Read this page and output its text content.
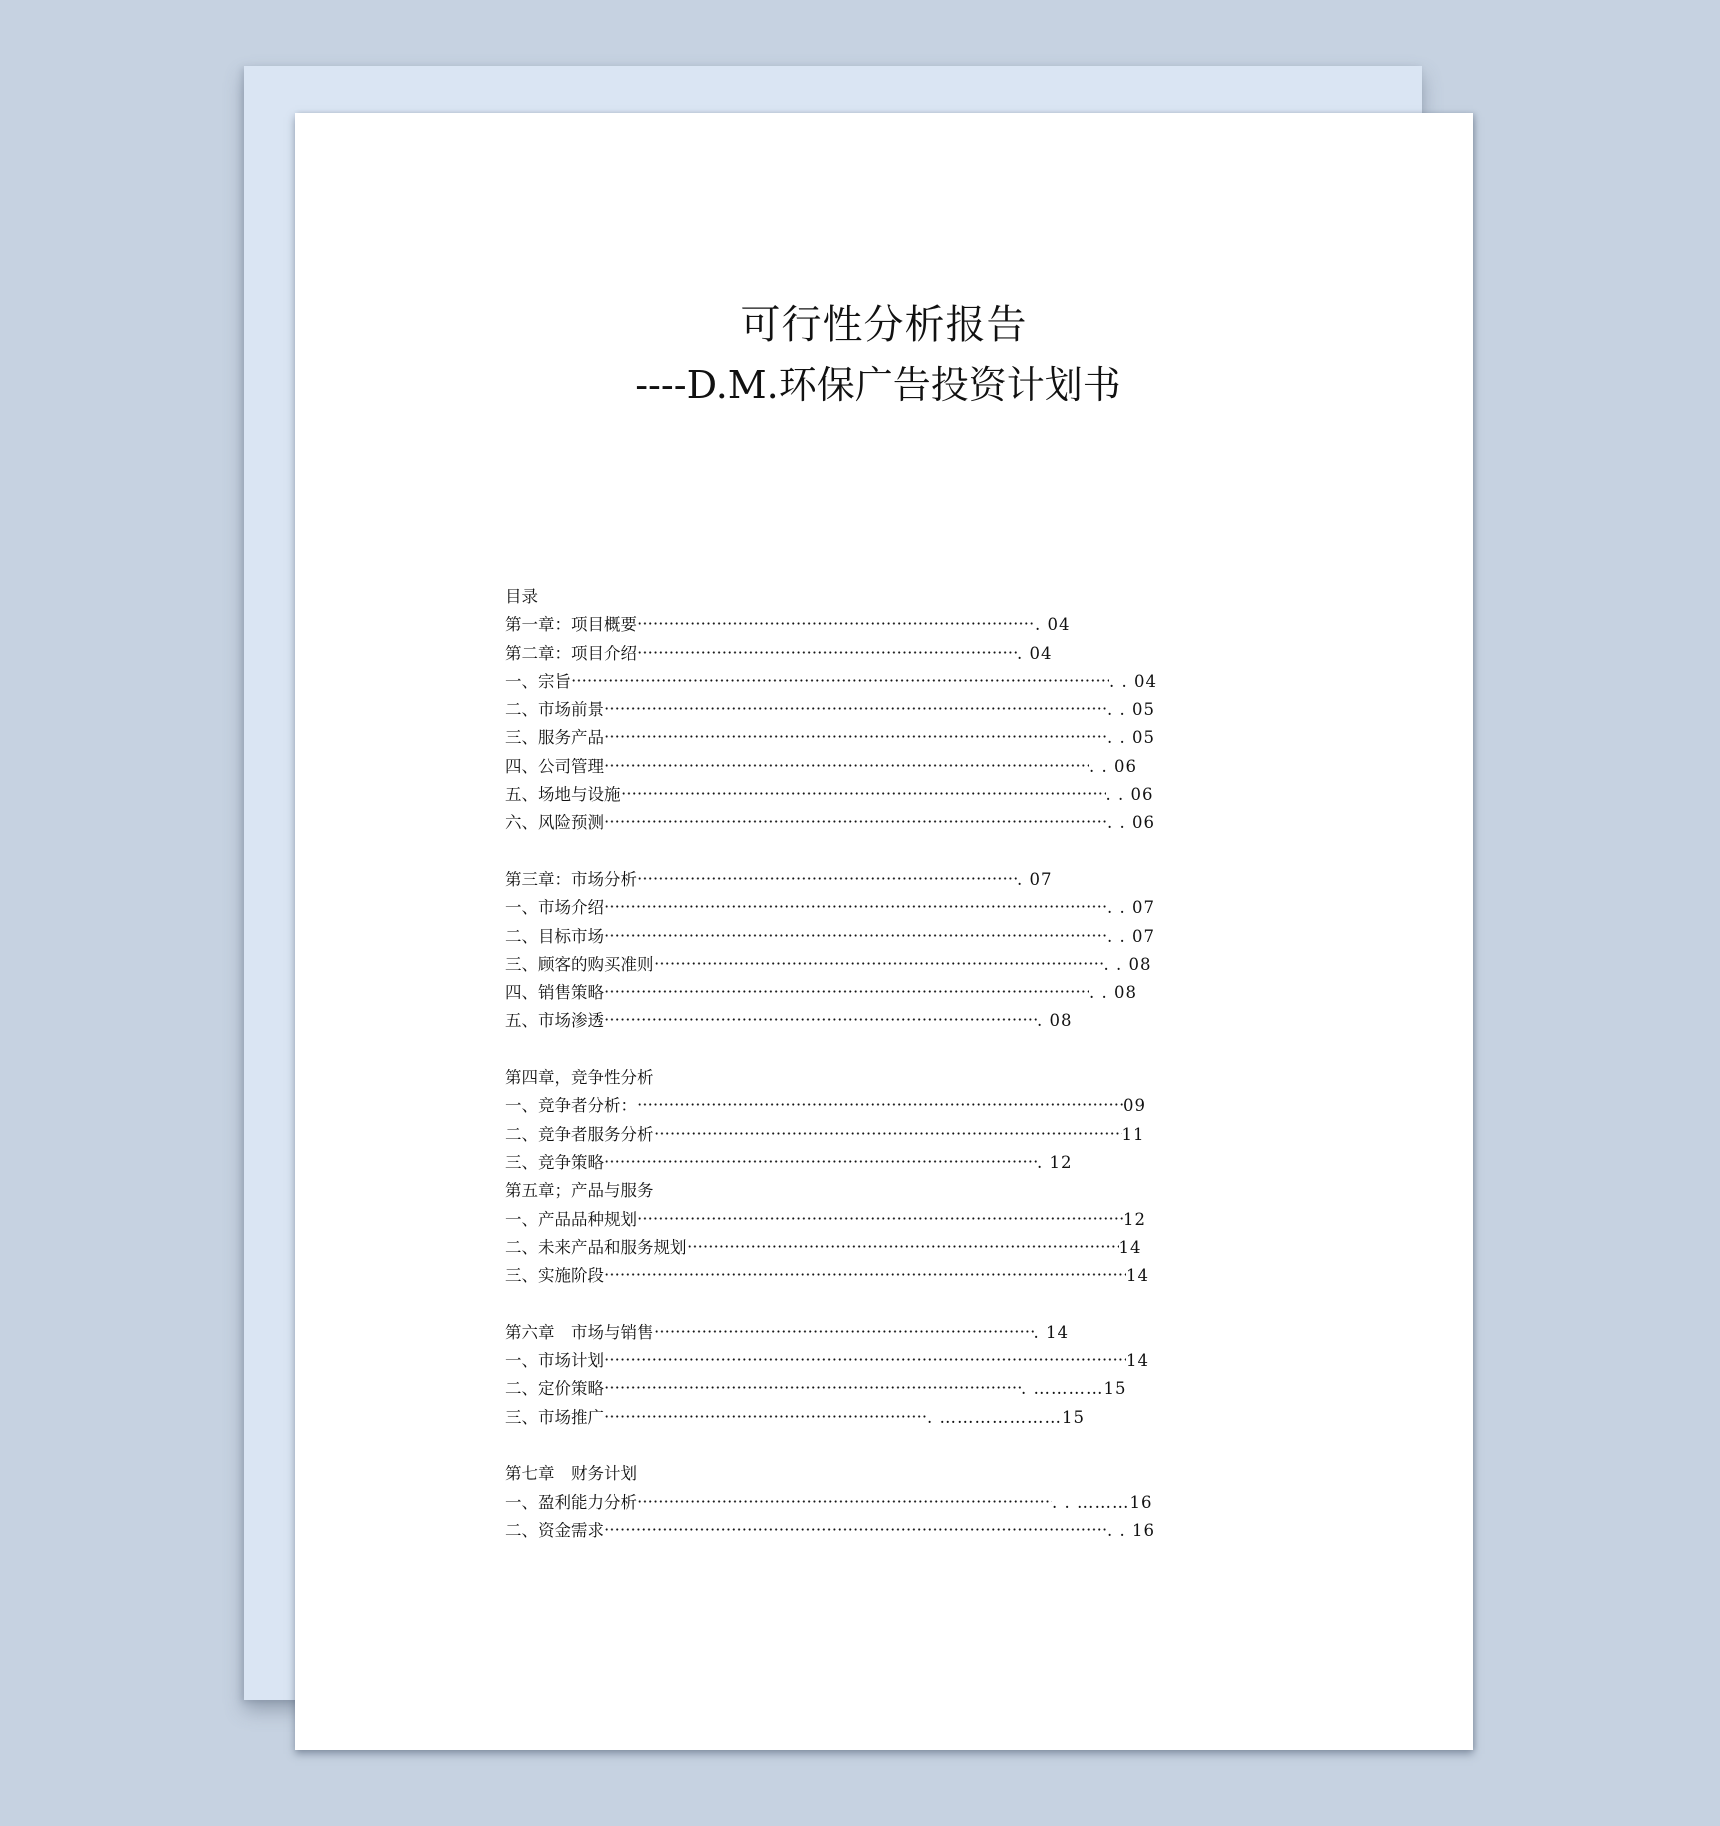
可行性分析报告
----D.M.环保广告投资计划书
目录
第一章：项目概要	. 04
第二章：项目介绍	. 04
一、宗旨	. . 04
二、市场前景	. . 05
三、服务产品	. . 05
四、公司管理	. . 06
五、场地与设施	. . 06
六、风险预测	. . 06
第三章：市场分析	. 07
一、市场介绍	. . 07
二、目标市场	. . 07
三、顾客的购买准则	. . 08
四、销售策略	. . 08
五、市场渗透	. 08
第四章，竞争性分析
一、竞争者分析：	09
二、竞争者服务分析	11
三、竞争策略	. 12
第五章；产品与服务
一、产品品种规划	12
二、未来产品和服务规划	14
三、实施阶段	14
第六章　市场与销售	. 14
一、市场计划	14
二、定价策略	. …………15
三、市场推广	. …………………15
第七章　财务计划
一、盈利能力分析	. . ………16
二、资金需求	. . 16
